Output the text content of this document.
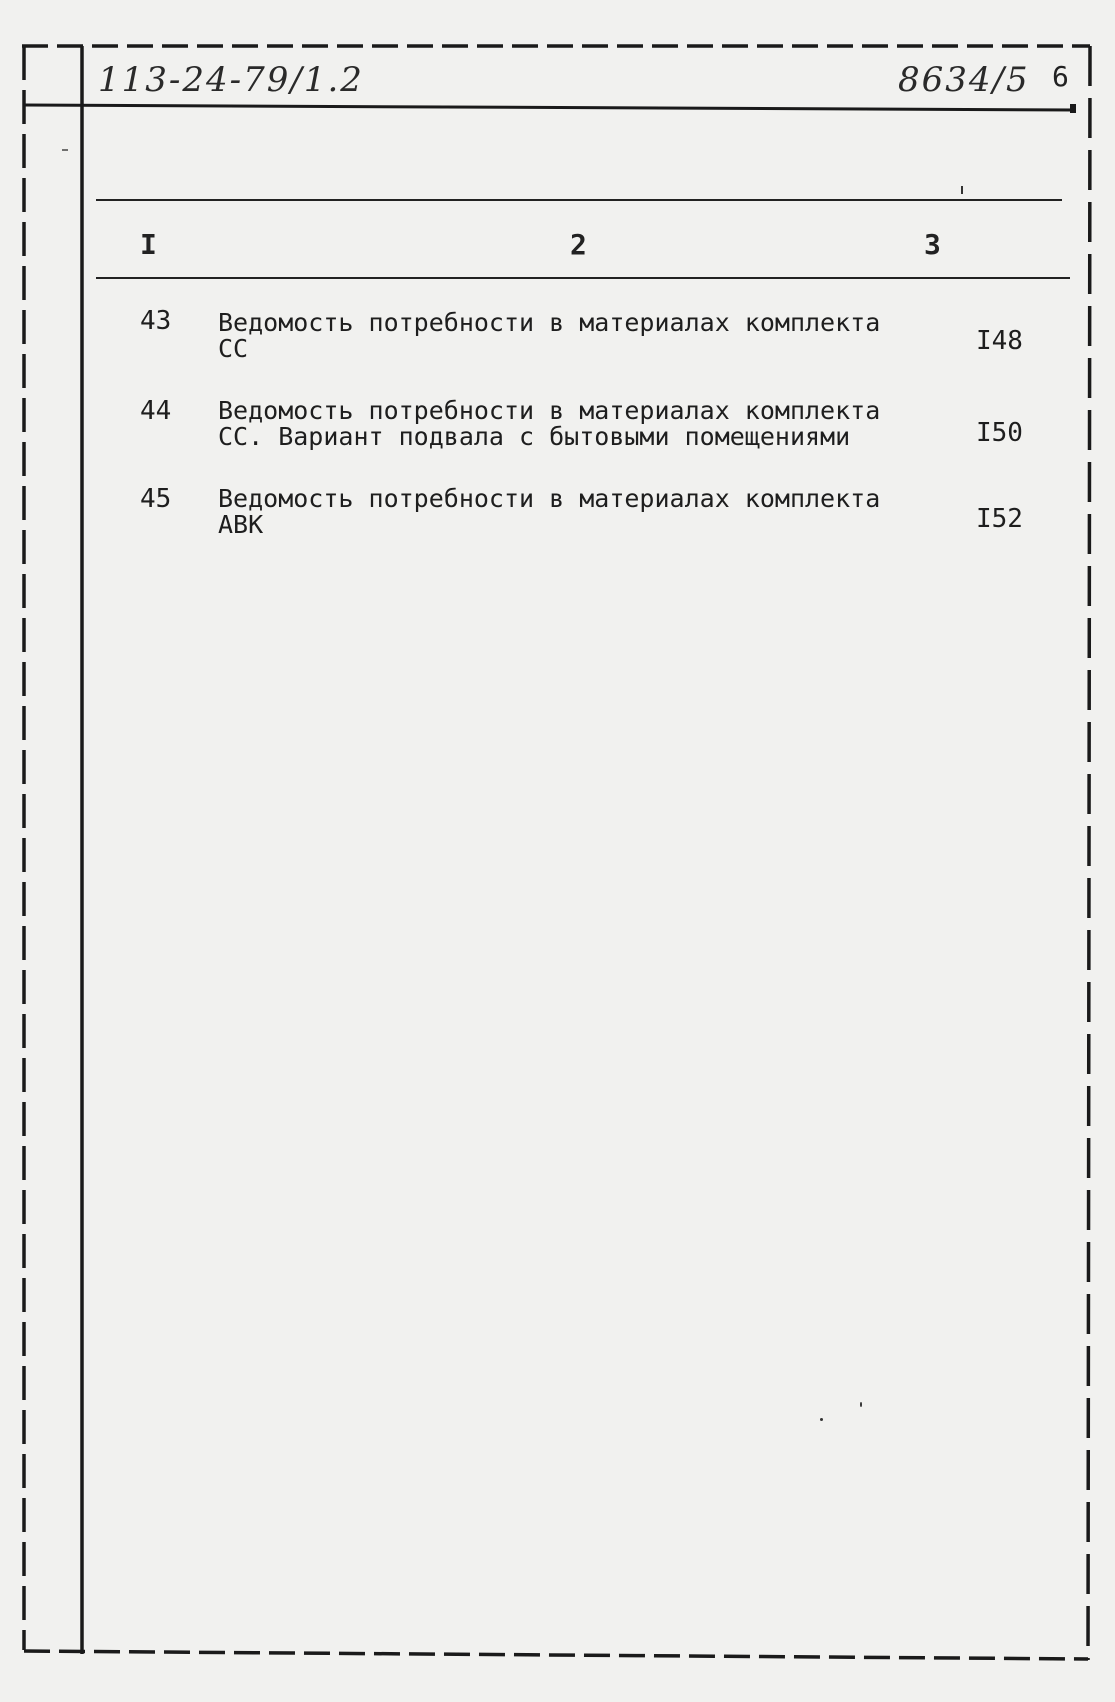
113-24-79/1.2	8634/5 6
I	2	3
43 Ведомость потребности в материалах комплекта
СС	I48
44 Ведомость потребности в материалах комплекта
СС. Вариант подвала с бытовыми помещениями	I50
45 Ведомость потребности в материалах комплекта
АВК	I52
